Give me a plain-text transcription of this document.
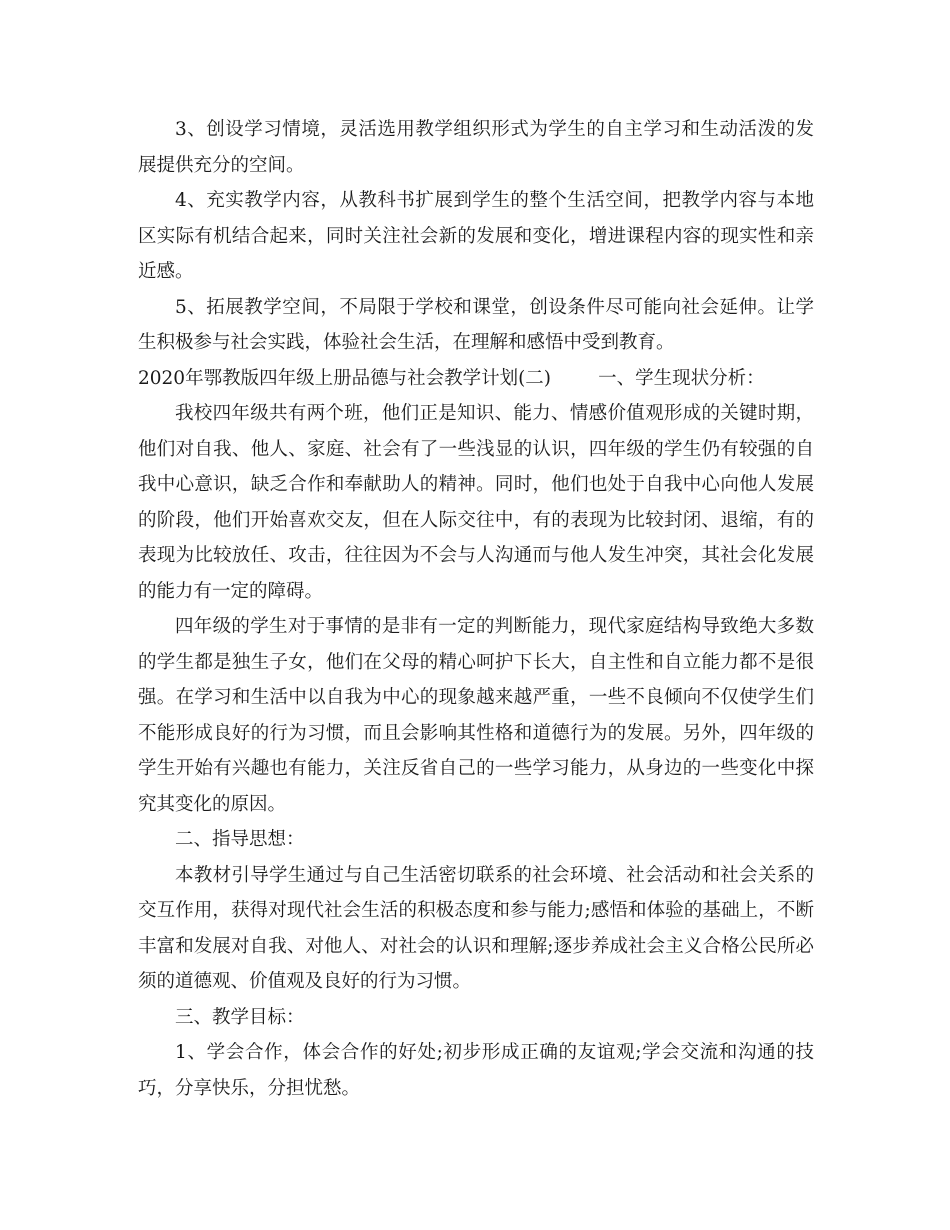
3、创设学习情境，灵活选用教学组织形式为学生的自主学习和生动活泼的发展提供充分的空间。

4、充实教学内容，从教科书扩展到学生的整个生活空间，把教学内容与本地区实际有机结合起来，同时关注社会新的发展和变化，增进课程内容的现实性和亲近感。

5、拓展教学空间，不局限于学校和课堂，创设条件尽可能向社会延伸。让学生积极参与社会实践，体验社会生活，在理解和感悟中受到教育。

2020年鄂教版四年级上册品德与社会教学计划(二)        一、学生现状分析：

我校四年级共有两个班，他们正是知识、能力、情感价值观形成的关键时期，他们对自我、他人、家庭、社会有了一些浅显的认识，四年级的学生仍有较强的自我中心意识，缺乏合作和奉献助人的精神。同时，他们也处于自我中心向他人发展的阶段，他们开始喜欢交友，但在人际交往中，有的表现为比较封闭、退缩，有的表现为比较放任、攻击，往往因为不会与人沟通而与他人发生冲突，其社会化发展的能力有一定的障碍。

四年级的学生对于事情的是非有一定的判断能力，现代家庭结构导致绝大多数的学生都是独生子女，他们在父母的精心呵护下长大，自主性和自立能力都不是很强。在学习和生活中以自我为中心的现象越来越严重，一些不良倾向不仅使学生们不能形成良好的行为习惯，而且会影响其性格和道德行为的发展。另外，四年级的学生开始有兴趣也有能力，关注反省自己的一些学习能力，从身边的一些变化中探究其变化的原因。

二、指导思想：

本教材引导学生通过与自己生活密切联系的社会环境、社会活动和社会关系的交互作用，获得对现代社会生活的积极态度和参与能力;感悟和体验的基础上，不断丰富和发展对自我、对他人、对社会的认识和理解;逐步养成社会主义合格公民所必须的道德观、价值观及良好的行为习惯。

三、教学目标：

1、学会合作，体会合作的好处;初步形成正确的友谊观;学会交流和沟通的技巧，分享快乐，分担忧愁。
